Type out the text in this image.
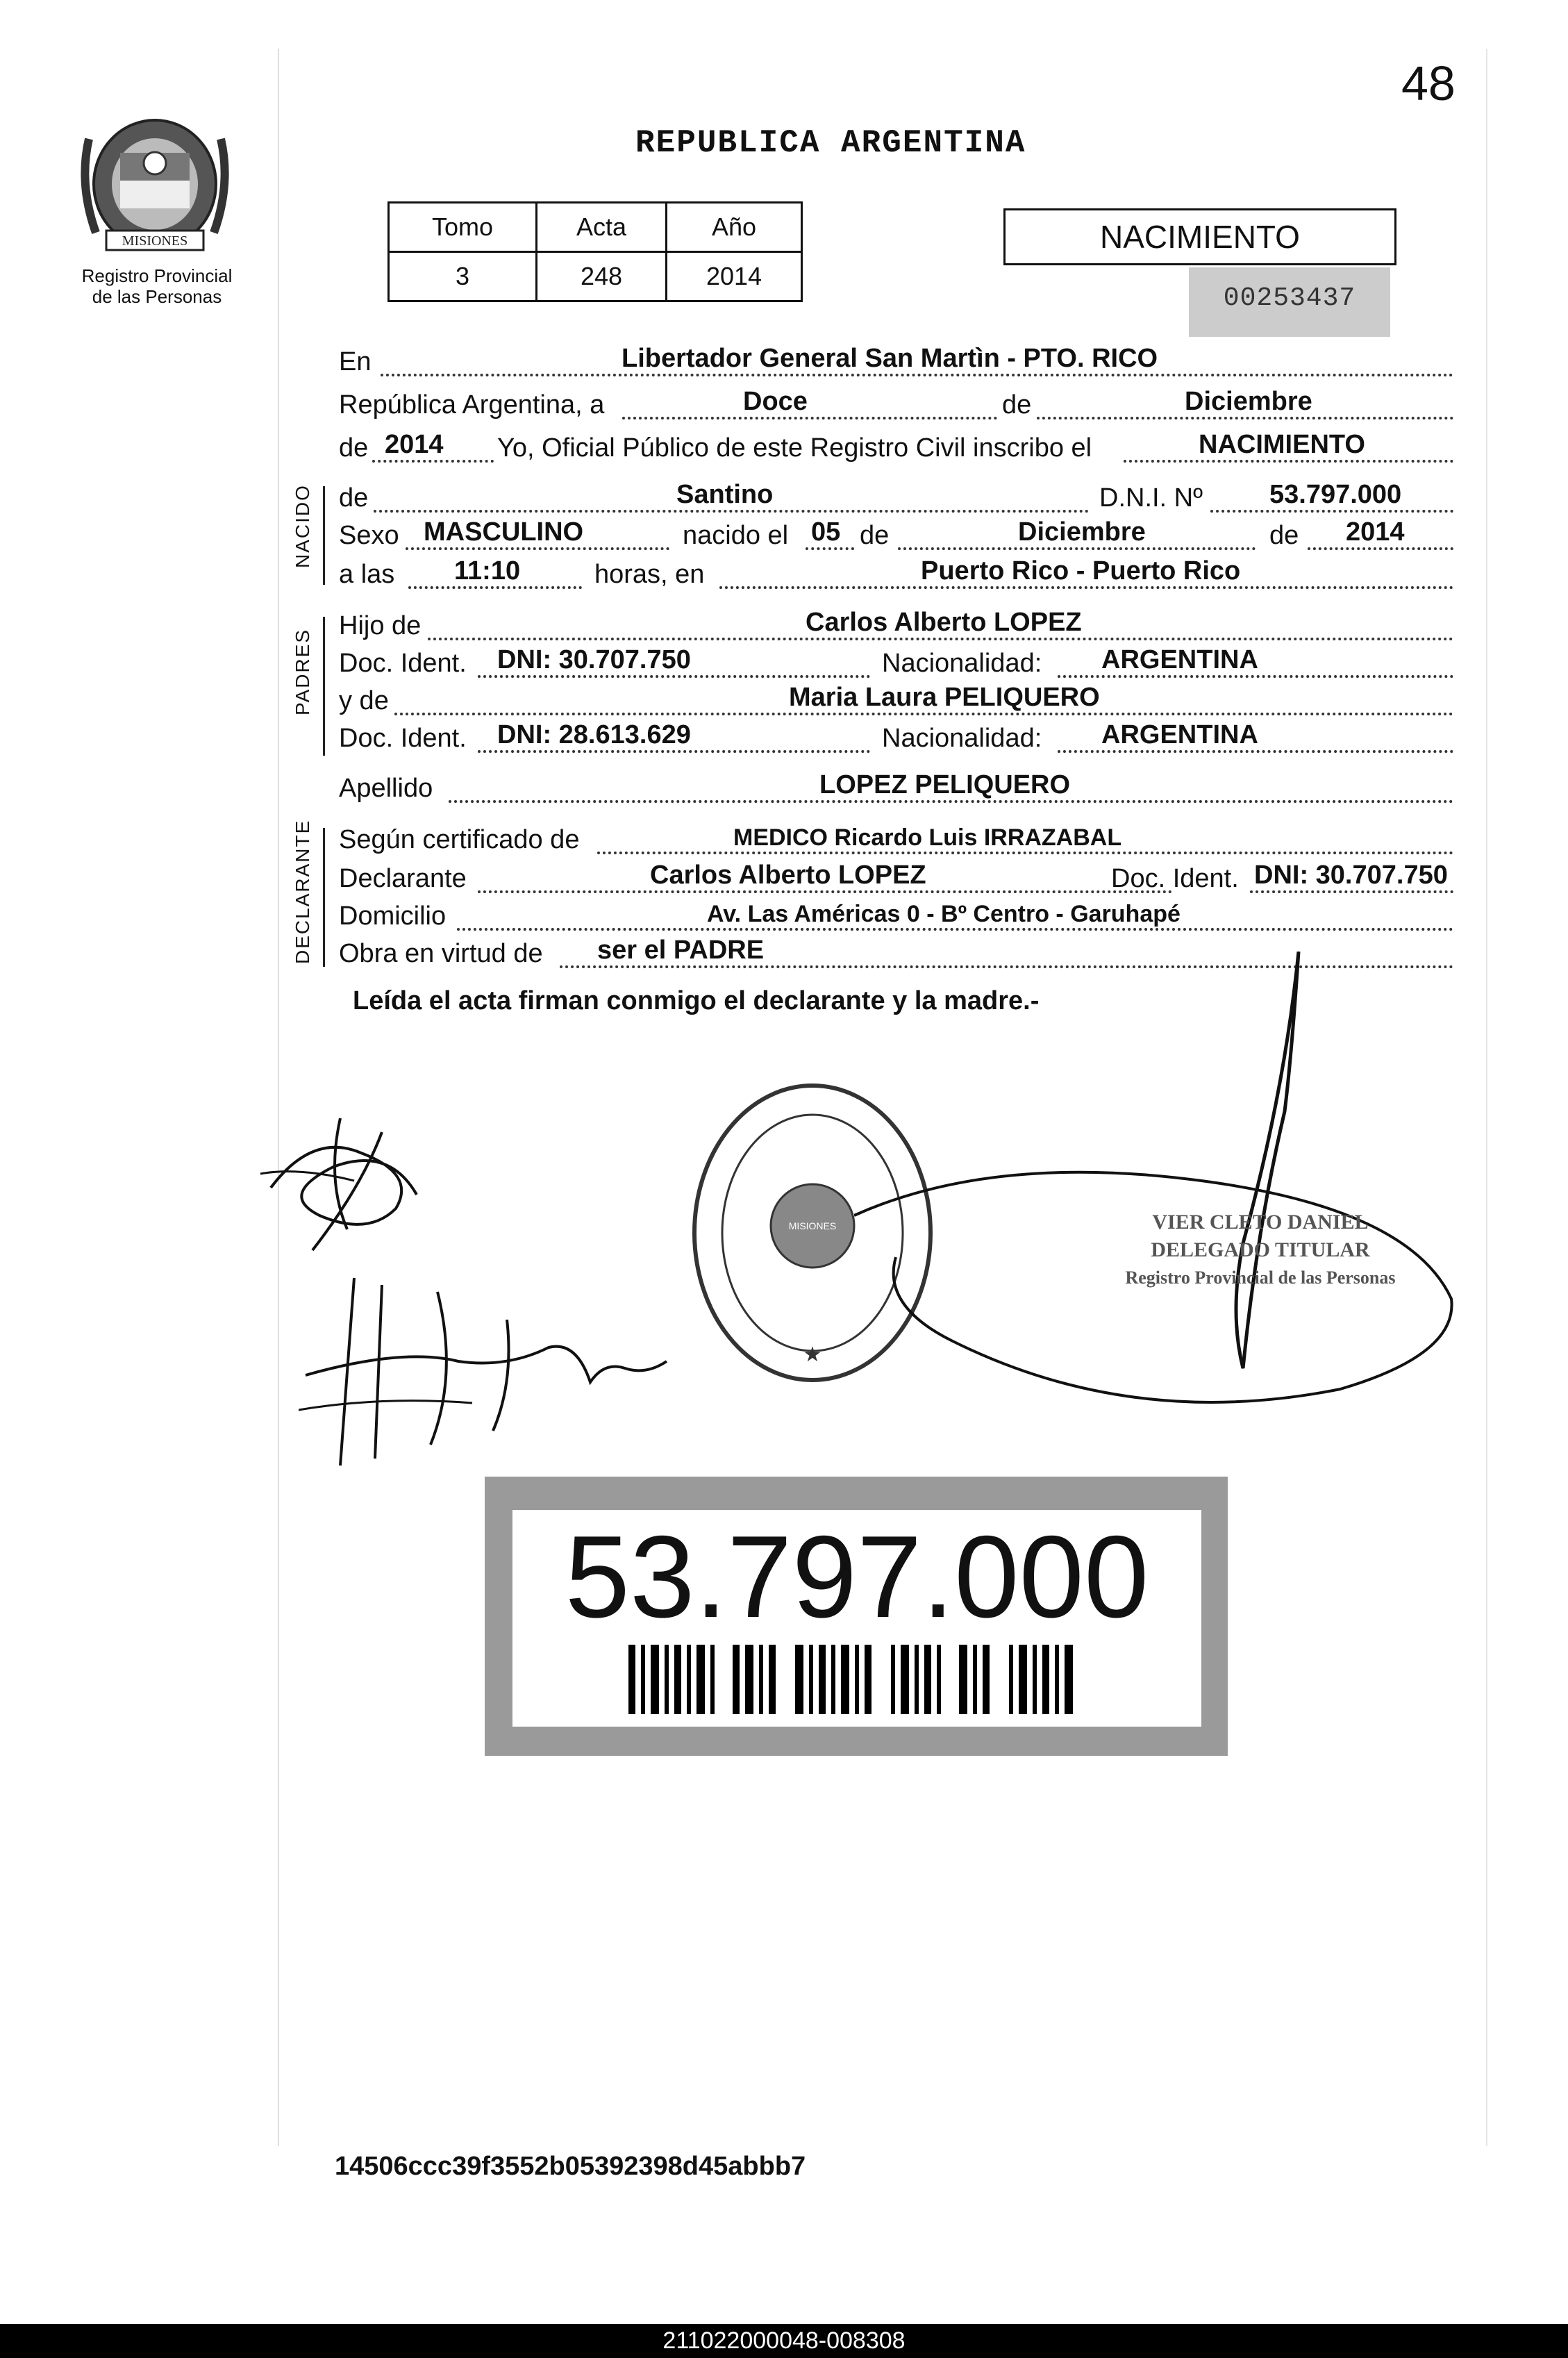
48
MISIONES
Registro Provincial
de las Personas
REPUBLICA ARGENTINA
Tomo	Acta	Año
3	248	2014
NACIMIENTO
00253437
En	Libertador General San Martìn - PTO. RICO
República Argentina, a	Doce	de	Diciembre
de 2014 Yo, Oficial Público de este Registro Civil inscribo el	NACIMIENTO
NACIDO de	Santino	D.N.I. Nº	53.797.000
Sexo MASCULINO	nacido el 05 de	Diciembre	de 2014
a las 11:10	horas, en	Puerto Rico - Puerto Rico
PADRES
Hijo de	Carlos Alberto LOPEZ
Doc. Ident. DNI: 30.707.750	Nacionalidad: ARGENTINA
y de	Maria Laura PELIQUERO
Doc. Ident. DNI: 28.613.629	Nacionalidad: ARGENTINA
Apellido	LOPEZ PELIQUERO
DECLARANTE Según certificado de	MEDICO Ricardo Luis IRRAZABAL
Declarante	Carlos Alberto LOPEZ	Doc. Ident. DNI: 30.707.750
Domicilio	Av. Las Américas 0 - Bº Centro - Garuhapé
Obra en virtud de ser el PADRE
Leída el acta firman conmigo el declarante y la madre.-
MISIONES
★
VIER CLETO DANIEL
DELEGADO TITULAR
Registro Provincial de las Personas
53.797.000
14506ccc39f3552b05392398d45abbb7
211022000048-008308
